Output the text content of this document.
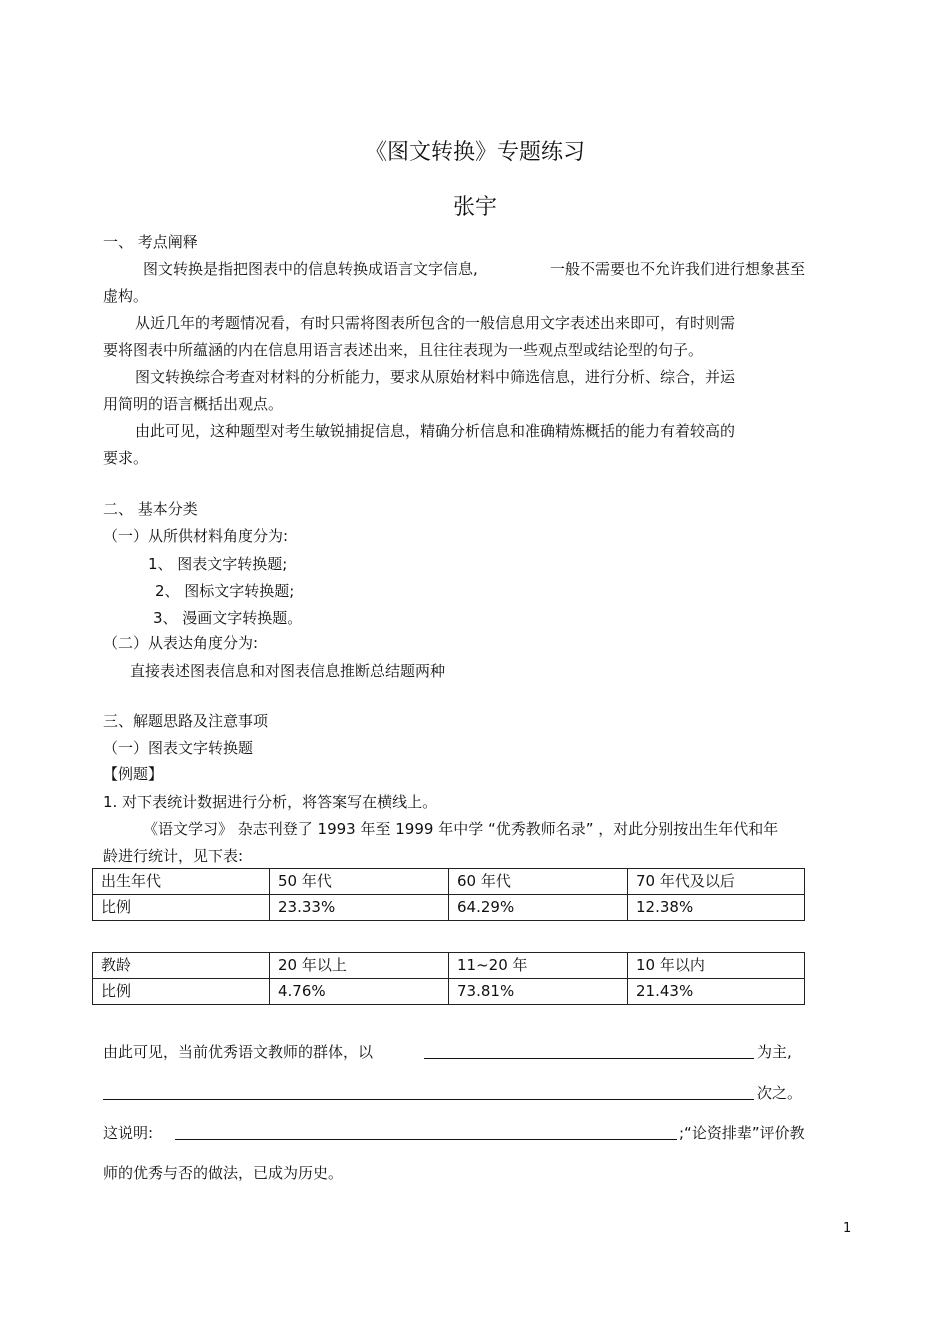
《图文转换》专题练习
张宇
一、 考点阐释
图文转换是指把图表中的信息转换成语言文字信息,	一般不需要也不允许我们进行想象甚至
虚构。
从近几年的考题情况看，有时只需将图表所包含的一般信息用文字表述出来即可，有时则需
要将图表中所蕴涵的内在信息用语言表述出来，且往往表现为一些观点型或结论型的句子。
图文转换综合考查对材料的分析能力，要求从原始材料中筛选信息，进行分析、综合，并运
用简明的语言概括出观点。
由此可见，这种题型对考生敏锐捕捉信息，精确分析信息和准确精炼概括的能力有着较高的
要求。
二、 基本分类
（一）从所供材料角度分为:
1、 图表文字转换题;
2、 图标文字转换题;
3、 漫画文字转换题。
（二）从表达角度分为:
直接表述图表信息和对图表信息推断总结题两种
三、解题思路及注意事项
（一）图表文字转换题
【例题】
1. 对下表统计数据进行分析，将答案写在横线上。
《语文学习》 杂志刊登了 1993 年至 1999 年中学 “优秀教师名录” ，对此分别按出生年代和年
龄进行统计，见下表:
出生年代	50 年代	60 年代	70 年代及以后
比例	23.33%	64.29%	12.38%
教龄	20 年以上	11~20 年	10 年以内
比例	4.76%	73.81%	21.43%
由此可见，当前优秀语文教师的群体，以	为主,
次之。
这说明:	;“论资排辈”评价教
师的优秀与否的做法，已成为历史。
1
